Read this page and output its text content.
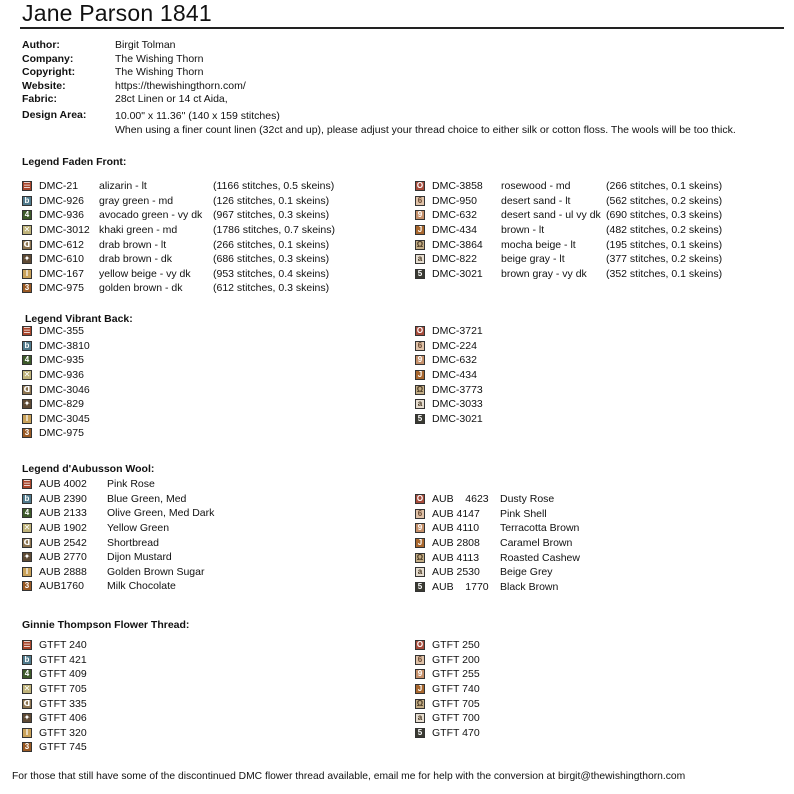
Jane Parson 1841
Author:	Birgit Tolman
Company:	The Wishing Thorn
Copyright:	The Wishing Thorn
Website:	https://thewishingthorn.com/
Fabric:	28ct Linen or 14 ct Aida,
Design Area:	10.00" x 11.36" (140 x 159 stitches)
When using a finer count linen (32ct and up), please adjust your thread choice to either silk or cotton floss. The wools will be too thick.
Legend Faden Front:
☰ DMC-21	alizarin - lt	(1166 stitches, 0.5 skeins)
b DMC-926	gray green - md	(126 stitches, 0.1 skeins)
4 DMC-936	avocado green - vy dk	(967 stitches, 0.3 skeins)
✕ DMC-3012 khaki green - md	(1786 stitches, 0.7 skeins)
ᗡ DMC-612	drab brown - lt	(266 stitches, 0.1 skeins)
✦ DMC-610	drab brown - dk	(686 stitches, 0.3 skeins)
I	DMC-167	yellow beige - vy dk	(953 stitches, 0.4 skeins)
3 DMC-975	golden brown - dk	(612 stitches, 0.3 skeins)
O DMC-3858	rosewood - md	(266 stitches, 0.1 skeins)
6 DMC-950	desert sand - lt	(562 stitches, 0.2 skeins)
9 DMC-632	desert sand - ul vy dk (690 stitches, 0.3 skeins)
J DMC-434	brown - lt	(482 stitches, 0.2 skeins)
Ω DMC-3864	mocha beige - lt	(195 stitches, 0.1 skeins)
a DMC-822	beige gray - lt	(377 stitches, 0.2 skeins)
5 DMC-3021	brown gray - vy dk	(352 stitches, 0.1 skeins)
Legend Vibrant Back:
☰ DMC-355
b DMC-3810
4 DMC-935
✕ DMC-936
ᗡ DMC-3046
✦ DMC-829
I	DMC-3045
3 DMC-975
O DMC-3721
6 DMC-224
9 DMC-632
J DMC-434
Ω DMC-3773
a DMC-3033
5 DMC-3021
Legend d'Aubusson Wool:
☰ AUB 4002	Pink Rose
b AUB 2390	Blue Green, Med
4 AUB 2133	Olive Green, Med Dark
✕ AUB 1902	Yellow Green
ᗡ AUB 2542	Shortbread
✦ AUB 2770	Dijon Mustard
I	AUB 2888	Golden Brown Sugar
3 AUB1760	Milk Chocolate
O AUB    4623	Dusty Rose
6 AUB 4147	Pink Shell
9 AUB 4110	Terracotta Brown
J AUB 2808	Caramel Brown
Ω AUB 4113	Roasted Cashew
a AUB 2530	Beige Grey
5 AUB    1770	Black Brown
Ginnie Thompson Flower Thread:
☰ GTFT 240
b GTFT 421
4 GTFT 409
✕ GTFT 705
ᗡ GTFT 335
✦ GTFT 406
I	GTFT 320
3 GTFT 745
O GTFT 250
6 GTFT 200
9 GTFT 255
J GTFT 740
Ω GTFT 705
a GTFT 700
5 GTFT 470
For those that still have some of the discontinued DMC flower thread available, email me for help with the conversion at birgit@thewishingthorn.com
